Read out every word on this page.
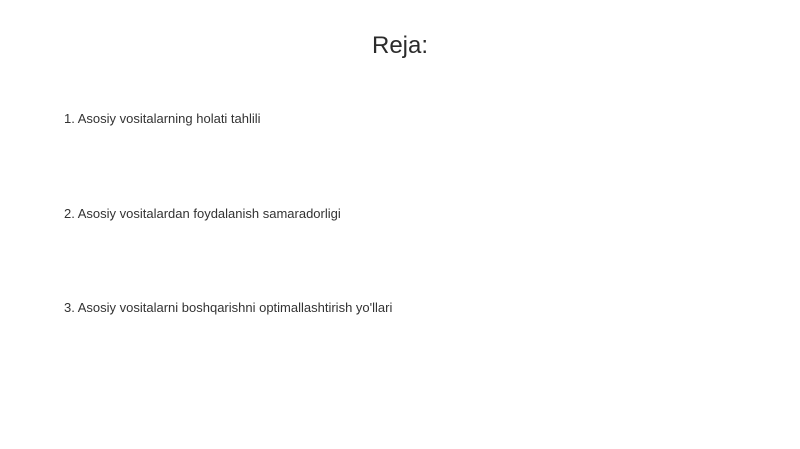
Reja:
1. Asosiy vositalarning holati tahlili
2. Asosiy vositalardan foydalanish samaradorligi
3. Asosiy vositalarni boshqarishni optimallashtirish yo'llari
